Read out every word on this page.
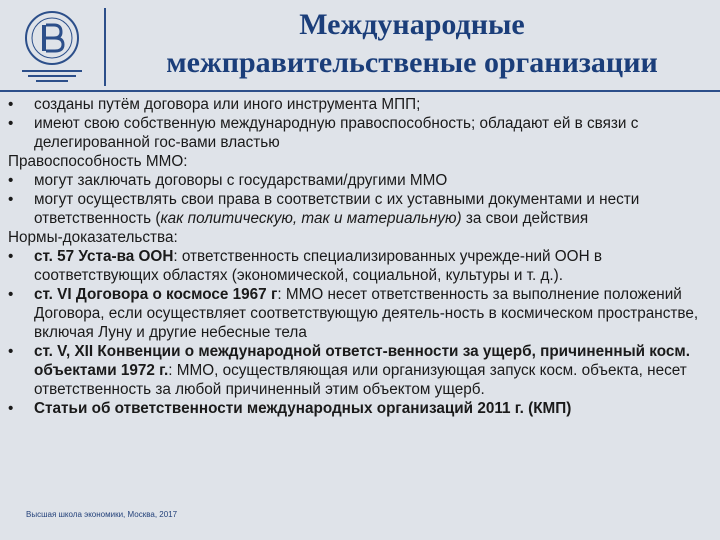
Международные
межправительственые организации

•	созданы путём договора или иного инструмента МПП;

•	имеют свою собственную международную правоспособность; обладают ей в связи с делегированной гос-вами властью

Правоспособность ММО:

•	могут заключать договоры с государствами/другими ММО

•	могут осуществлять свои права в соответствии с их уставными документами и нести ответственность (как политическую, так и материальную) за свои действия

Нормы-доказательства:

•	ст. 57 Уста-ва ООН: ответственность специализированных учрежде-ний ООН в соответствующих областях (экономической, социальной, культуры и т. д.).

•	ст. VI Договора о космосе 1967 г: ММО несет ответственность за выполнение положений Договора, если осуществляет соответствующую деятель-ность в космическом пространстве, включая Луну и другие небесные тела

•	ст. V, XII Конвенции о международной ответст-венности за ущерб, причиненный косм. объектами 1972 г.: ММО, осуществляющая или организующая запуск косм. объекта, несет ответственность за любой причиненный этим объектом ущерб.

•	Статьи об ответственности международных организаций 2011 г. (КМП)

Высшая школа экономики, Москва, 2017
